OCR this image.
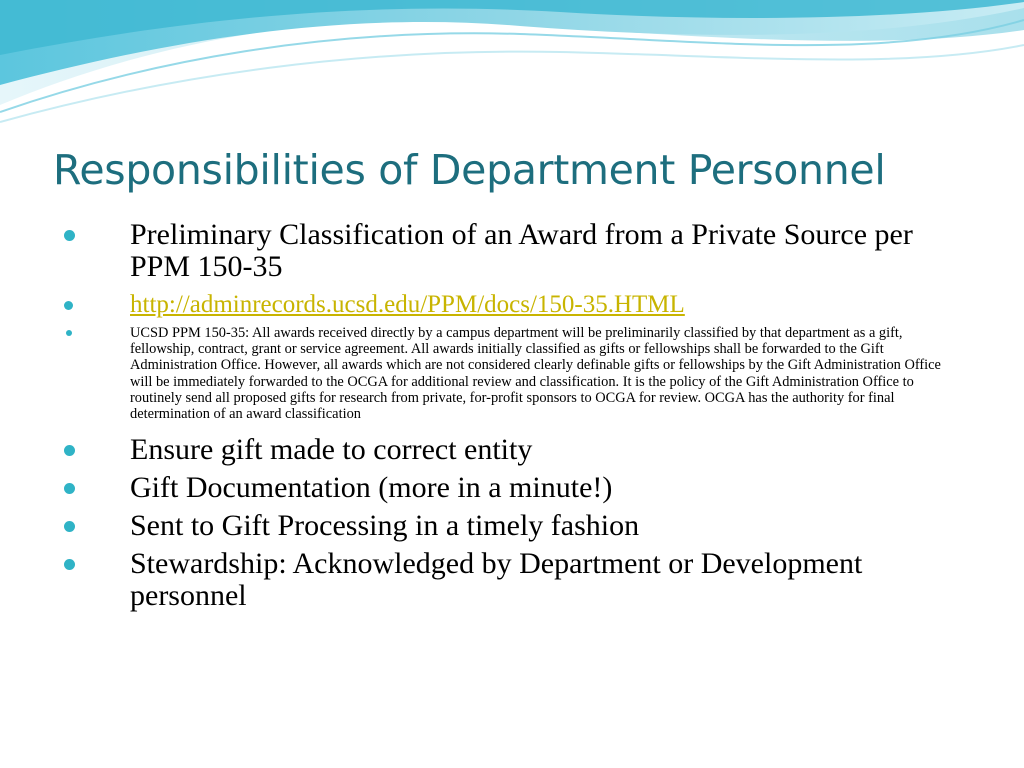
Responsibilities of Department Personnel
Preliminary Classification of an Award from a Private Source per PPM 150-35
http://adminrecords.ucsd.edu/PPM/docs/150-35.HTML
UCSD PPM 150-35: All awards received directly by a campus department will be preliminarily classified by that department as a gift, fellowship, contract, grant or service agreement. All awards initially classified as gifts or fellowships shall be forwarded to the Gift Administration Office. However, all awards which are not considered clearly definable gifts or fellowships by the Gift Administration Office will be immediately forwarded to the OCGA for additional review and classification. It is the policy of the Gift Administration Office to routinely send all proposed gifts for research from private, for-profit sponsors to OCGA for review. OCGA has the authority for final determination of an award classification
Ensure gift made to correct entity
Gift Documentation (more in a minute!)
Sent to Gift Processing in a timely fashion
Stewardship: Acknowledged by Department or Development personnel
